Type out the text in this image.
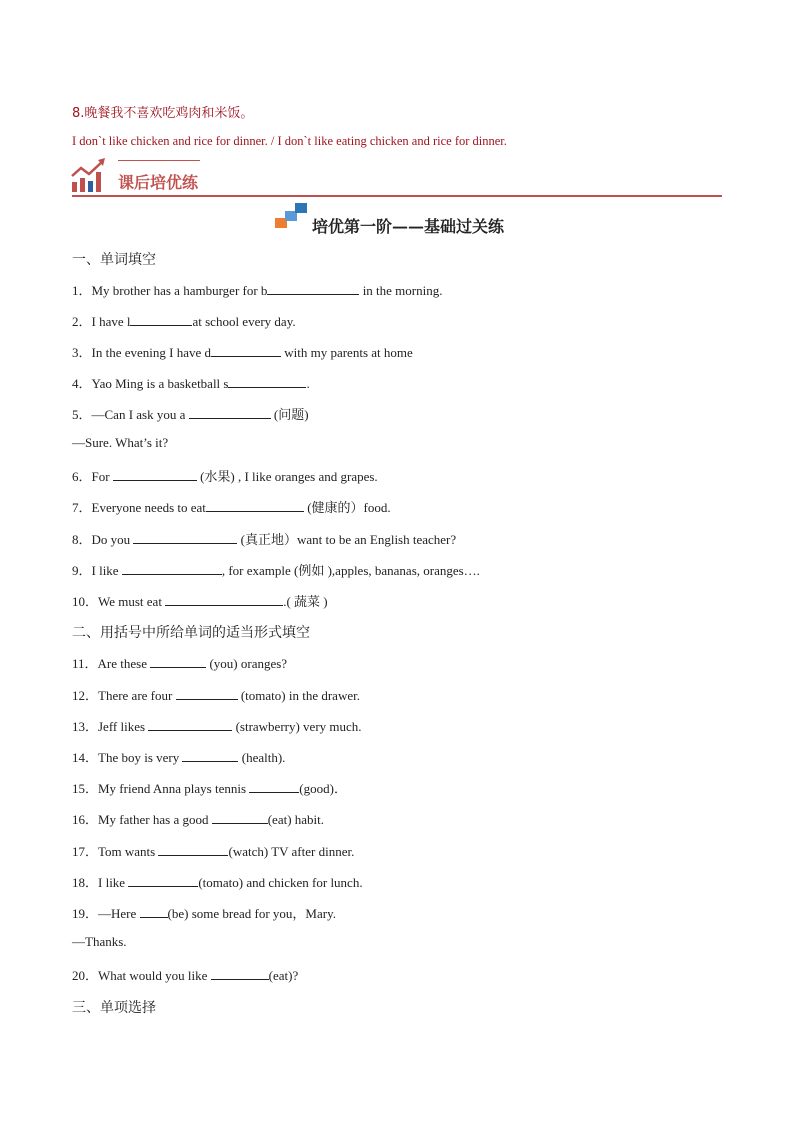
8.晚餐我不喜欢吃鸡肉和米饭。
I don`t like chicken and rice for dinner. / I don`t like eating chicken and rice for dinner.
课后培优练
培优第一阶——基础过关练
一、单词填空
1．My brother has a hamburger for b	in the morning.
2．I have l	at school every day.
3．In the evening I have d	with my parents at home
4．Yao Ming is a basketball s	.
5．—Can I ask you a	(问题)
—Sure. What’s it?
6．For	(水果) , I like oranges and grapes.
7．Everyone needs to eat	(健康的）food.
8．Do you	(真正地）want to be an English teacher?
9．I like	, for example (例如 ),apples, bananas, oranges….
10．We must eat	.( 蔬菜 )
二、用括号中所给单词的适当形式填空
11．Are these	(you) oranges?
12．There are four	(tomato) in the drawer.
13．Jeff likes	(strawberry) very much.
14．The boy is very	(health).
15．My friend Anna plays tennis	(good)．
16．My father has a good	(eat) habit.
17．Tom wants	(watch) TV after dinner.
18．I like	(tomato) and chicken for lunch.
19．—Here (be) some bread for you，Mary.
—Thanks.
20．What would you like	(eat)?
三、单项选择
